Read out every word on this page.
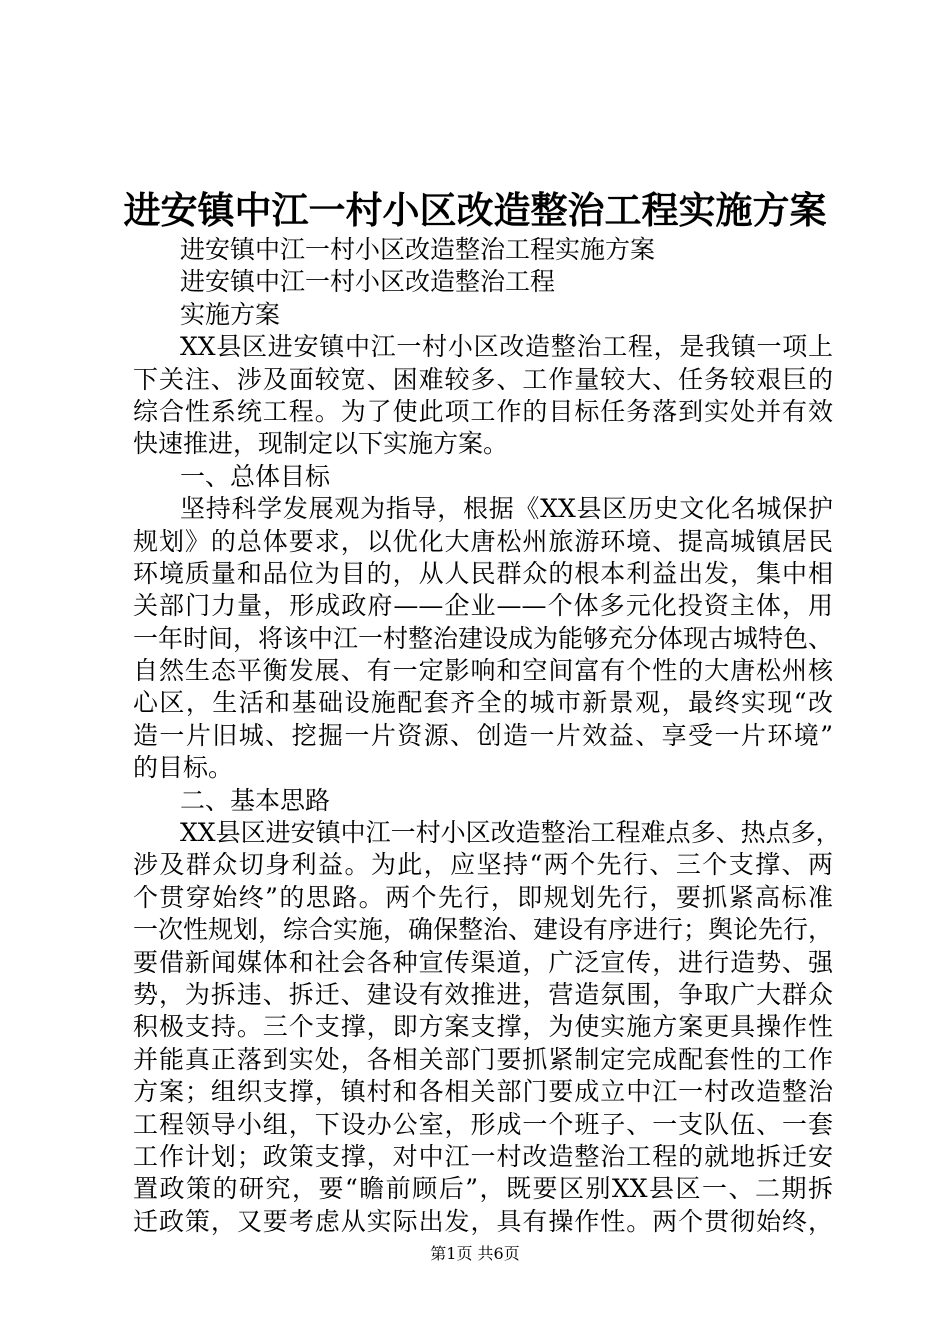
进安镇中江一村小区改造整治工程实施方案

进安镇中江一村小区改造整治工程实施方案

进安镇中江一村小区改造整治工程

实施方案

XX县区进安镇中江一村小区改造整治工程，是我镇一项上

下关注、涉及面较宽、困难较多、工作量较大、任务较艰巨的

综合性系统工程。为了使此项工作的目标任务落到实处并有效

快速推进，现制定以下实施方案。

一、总体目标

坚持科学发展观为指导，根据《XX县区历史文化名城保护

规划》的总体要求，以优化大唐松州旅游环境、提高城镇居民

环境质量和品位为目的，从人民群众的根本利益出发，集中相

关部门力量，形成政府——企业——个体多元化投资主体，用

一年时间，将该中江一村整治建设成为能够充分体现古城特色、

自然生态平衡发展、有一定影响和空间富有个性的大唐松州核

心区，生活和基础设施配套齐全的城市新景观，最终实现“改

造一片旧城、挖掘一片资源、创造一片效益、享受一片环境”

的目标。

二、基本思路

XX县区进安镇中江一村小区改造整治工程难点多、热点多，

涉及群众切身利益。为此，应坚持“两个先行、三个支撑、两

个贯穿始终”的思路。两个先行，即规划先行，要抓紧高标准

一次性规划，综合实施，确保整治、建设有序进行；舆论先行，

要借新闻媒体和社会各种宣传渠道，广泛宣传，进行造势、强

势，为拆违、拆迁、建设有效推进，营造氛围，争取广大群众

积极支持。三个支撑，即方案支撑，为使实施方案更具操作性

并能真正落到实处，各相关部门要抓紧制定完成配套性的工作

方案；组织支撑，镇村和各相关部门要成立中江一村改造整治

工程领导小组，下设办公室，形成一个班子、一支队伍、一套

工作计划；政策支撑，对中江一村改造整治工程的就地拆迁安

置政策的研究，要“瞻前顾后”，既要区别XX县区一、二期拆

迁政策，又要考虑从实际出发，具有操作性。两个贯彻始终，

第1页 共6页
